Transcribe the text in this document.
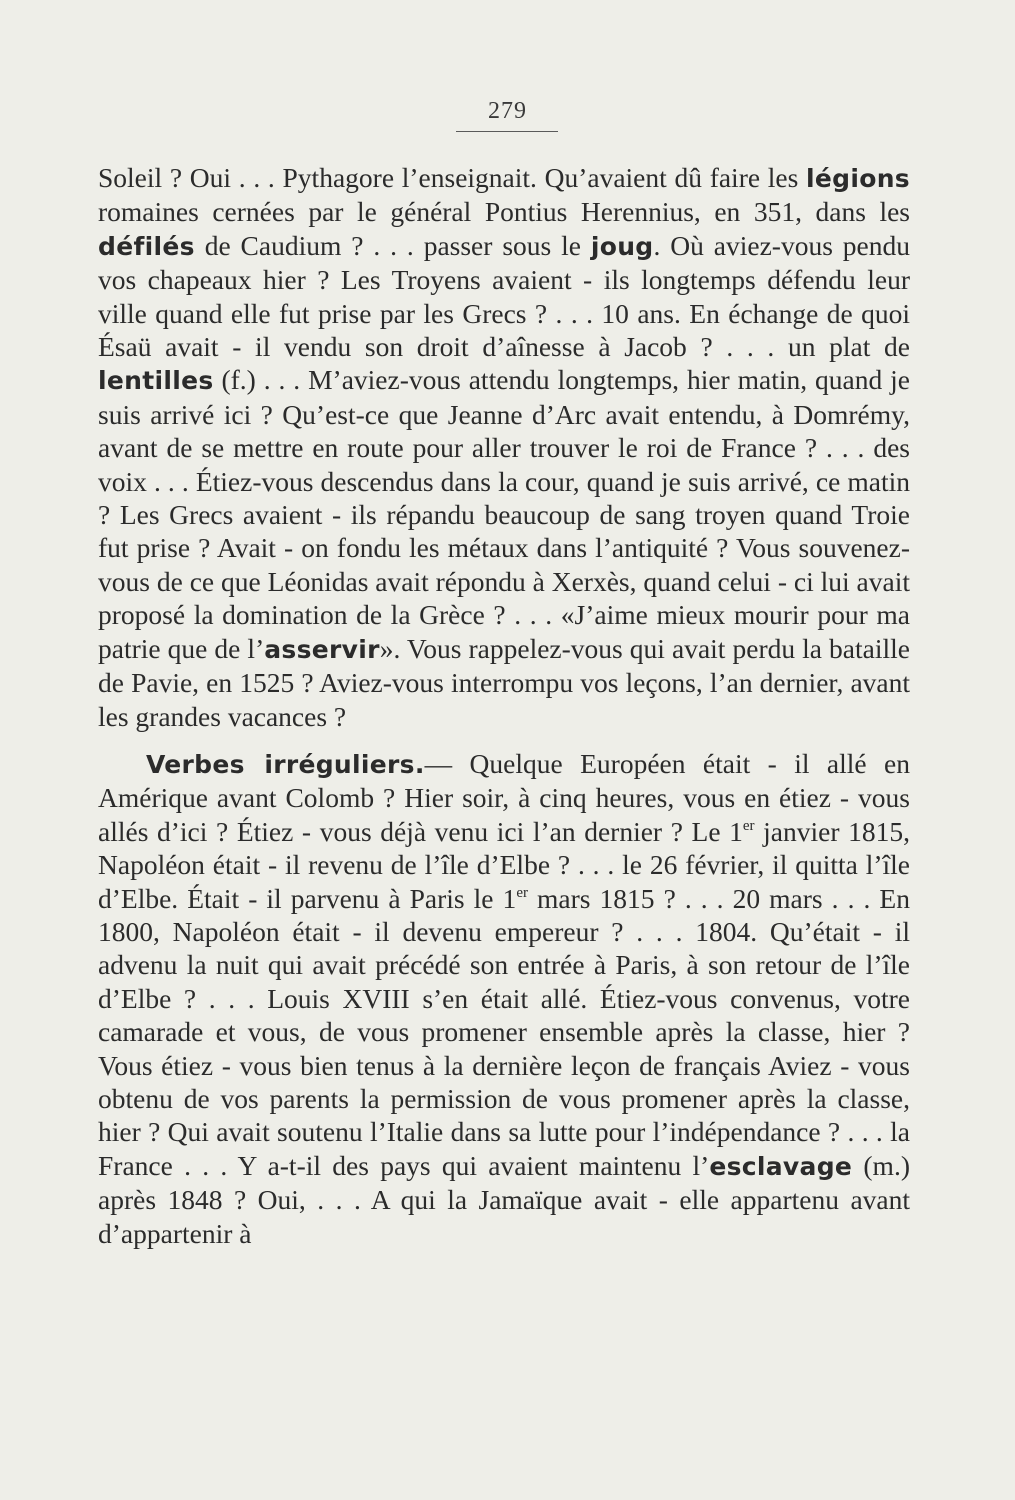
279

Soleil ? Oui . . . Pythagore l’enseignait. Qu’avaient dû faire les légions romaines cernées par le général Pontius Herennius, en 351, dans les défilés de Caudium ? . . . passer sous le joug. Où aviez-vous pendu vos chapeaux hier ? Les Troyens avaient - ils longtemps défendu leur ville quand elle fut prise par les Grecs ? . . . 10 ans. En échange de quoi Ésaü avait - il vendu son droit d’aînesse à Jacob ? . . . un plat de lentilles (f.) . . . M’aviez-vous attendu longtemps, hier matin, quand je suis arrivé ici ? Qu’est-ce que Jeanne d’Arc avait entendu, à Domrémy, avant de se mettre en route pour aller trouver le roi de France ? . . . des voix . . . Étiez-vous descendus dans la cour, quand je suis arrivé, ce matin ? Les Grecs avaient - ils répandu beaucoup de sang troyen quand Troie fut prise ? Avait - on fondu les métaux dans l’antiquité ? Vous souvenez-vous de ce que Léonidas avait répondu à Xerxès, quand celui - ci lui avait proposé la domination de la Grèce ? . . . «J’aime mieux mourir pour ma patrie que de l’asservir». Vous rappelez-vous qui avait perdu la bataille de Pavie, en 1525 ? Aviez-vous interrompu vos leçons, l’an dernier, avant les grandes vacances ?

Verbes irréguliers.— Quelque Européen était - il allé en Amérique avant Colomb ? Hier soir, à cinq heures, vous en étiez - vous allés d’ici ? Étiez - vous déjà venu ici l’an dernier ? Le 1er janvier 1815, Napoléon était - il revenu de l’île d’Elbe ? . . . le 26 février, il quitta l’île d’Elbe. Était - il parvenu à Paris le 1er mars 1815 ? . . . 20 mars . . . En 1800, Napoléon était - il devenu empereur ? . . . 1804. Qu’était - il advenu la nuit qui avait précédé son entrée à Paris, à son retour de l’île d’Elbe ? . . . Louis XVIII s’en était allé. Étiez-vous convenus, votre camarade et vous, de vous promener ensemble après la classe, hier ? Vous étiez - vous bien tenus à la dernière leçon de français Aviez - vous obtenu de vos parents la permission de vous promener après la classe, hier ? Qui avait soutenu l’Italie dans sa lutte pour l’indépendance ? . . . la France . . . Y a-t-il des pays qui avaient maintenu l’esclavage (m.) après 1848 ? Oui, . . . A qui la Jamaïque avait - elle appartenu avant d’appartenir à
